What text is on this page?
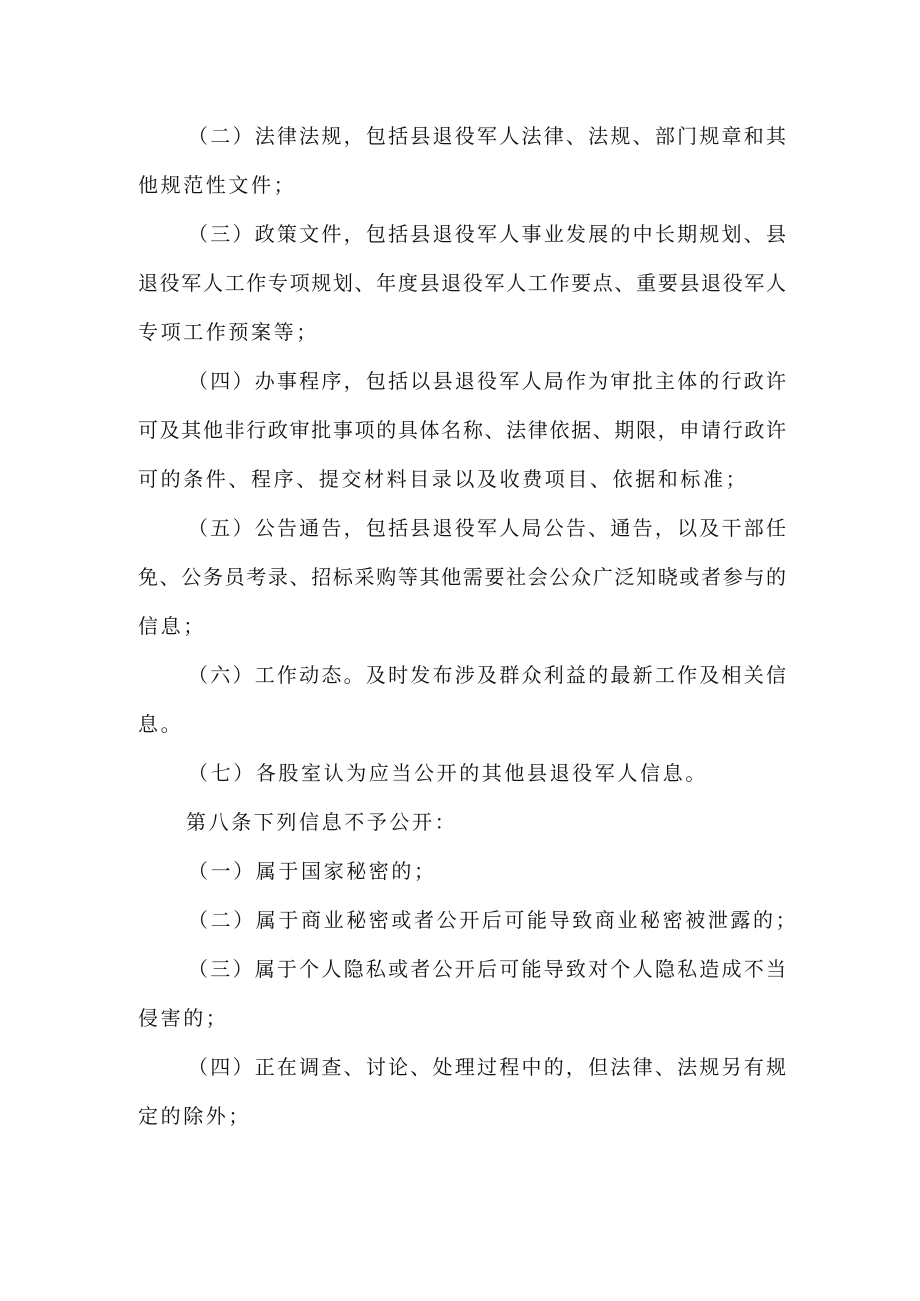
（二）法律法规，包括县退役军人法律、法规、部门规章和其

他规范性文件；

（三）政策文件，包括县退役军人事业发展的中长期规划、县

退役军人工作专项规划、年度县退役军人工作要点、重要县退役军人

专项工作预案等；

（四）办事程序，包括以县退役军人局作为审批主体的行政许

可及其他非行政审批事项的具体名称、法律依据、期限，申请行政许

可的条件、程序、提交材料目录以及收费项目、依据和标准；

（五）公告通告，包括县退役军人局公告、通告，以及干部任

免、公务员考录、招标采购等其他需要社会公众广泛知晓或者参与的

信息；

（六）工作动态。及时发布涉及群众利益的最新工作及相关信

息。

（七）各股室认为应当公开的其他县退役军人信息。

第八条下列信息不予公开：

（一）属于国家秘密的；

（二）属于商业秘密或者公开后可能导致商业秘密被泄露的；

（三）属于个人隐私或者公开后可能导致对个人隐私造成不当

侵害的；

（四）正在调查、讨论、处理过程中的，但法律、法规另有规

定的除外；
